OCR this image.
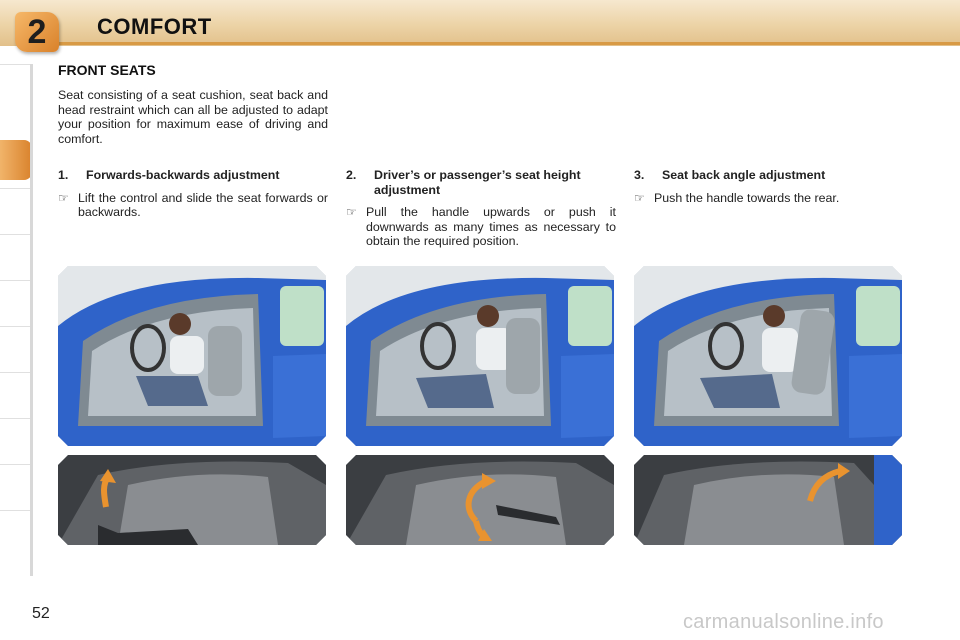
2	COMFORT
FRONT SEATS
Seat consisting of a seat cushion, seat back and head restraint which can all be adjusted to adapt your position for maximum ease of driving and comfort.
1.	Forwards-backwards adjustment
☞ Lift the control and slide the seat forwards or backwards.
2.	Driver’s or passenger’s seat height adjustment
☞ Pull the handle upwards or push it downwards as many times as necessary to obtain the required position.
3.	Seat back angle adjustment
☞ Push the handle towards the rear.
52	carmanualsonline.info
